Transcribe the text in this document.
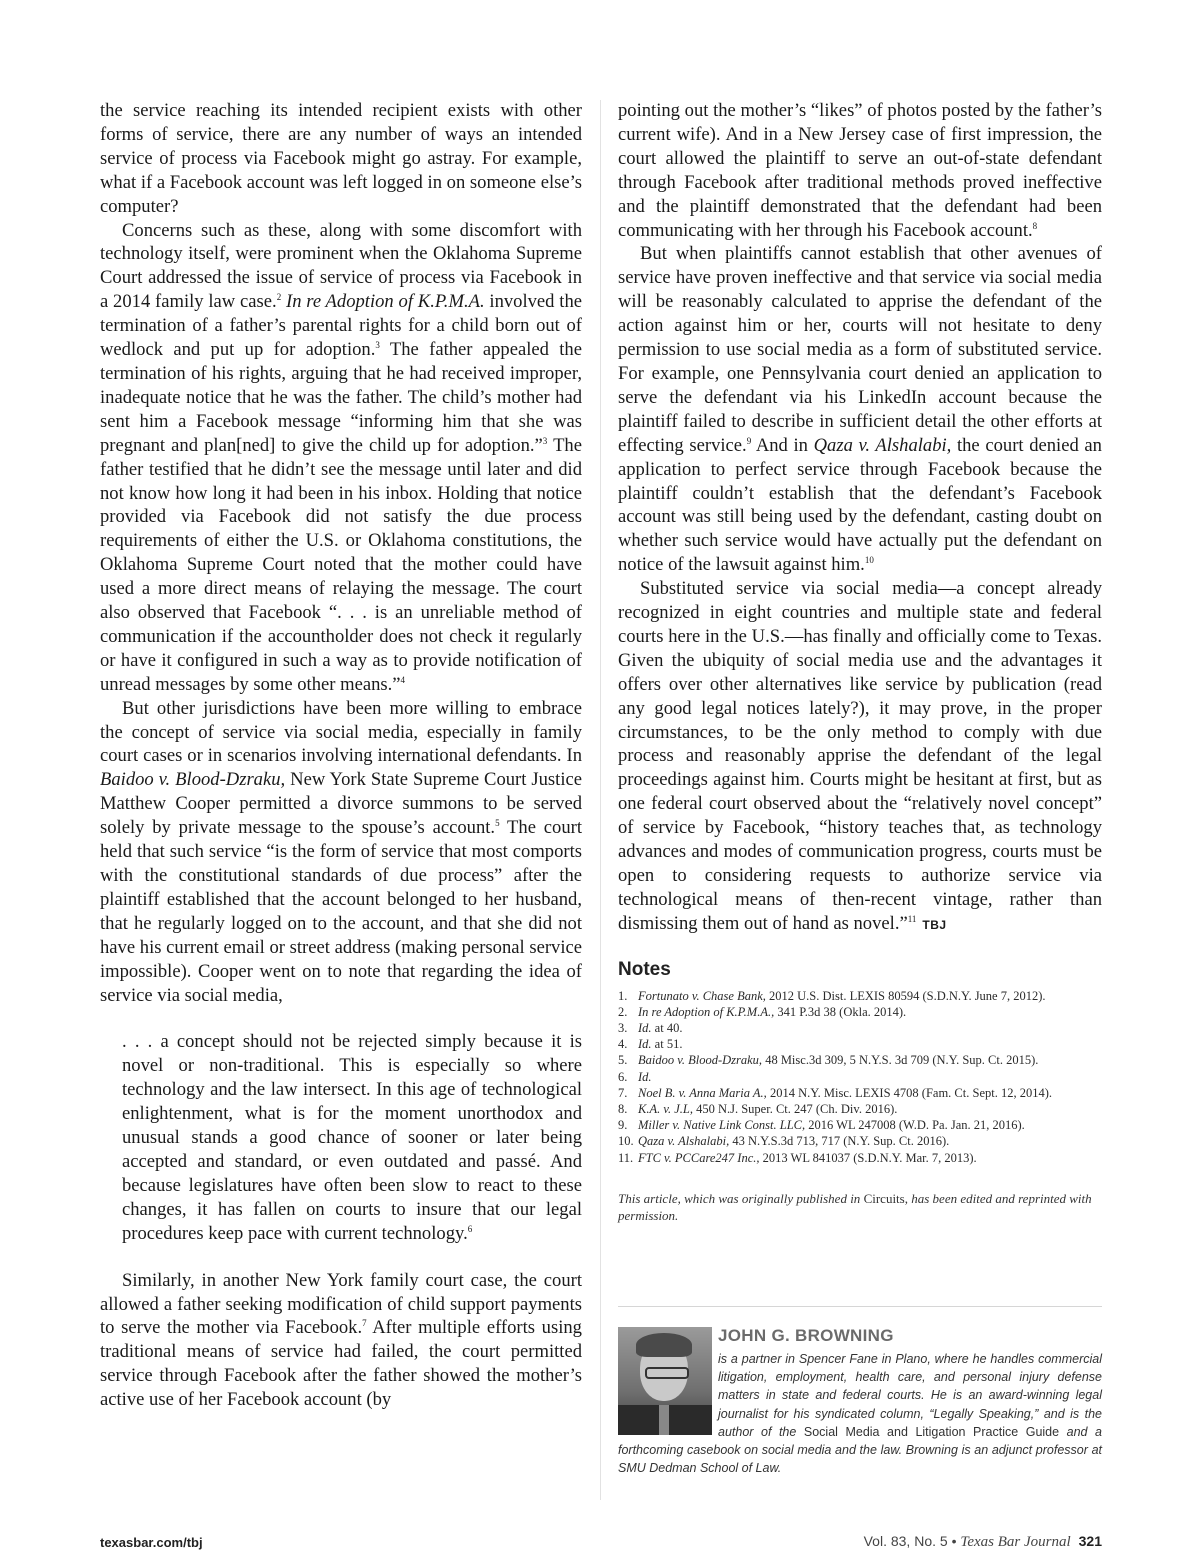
the service reaching its intended recipient exists with other forms of service, there are any number of ways an intended service of process via Facebook might go astray. For example, what if a Facebook account was left logged in on someone else’s computer?

Concerns such as these, along with some discomfort with technology itself, were prominent when the Oklahoma Supreme Court addressed the issue of service of process via Facebook in a 2014 family law case.$^2$ In re Adoption of K.P.M.A. involved the termination of a father’s parental rights for a child born out of wedlock and put up for adoption.$^3$ The father appealed the termination of his rights, arguing that he had received improper, inadequate notice that he was the father. The child’s mother had sent him a Facebook message “informing him that she was pregnant and plan[ned] to give the child up for adoption.”$^3$ The father testified that he didn’t see the message until later and did not know how long it had been in his inbox. Holding that notice provided via Facebook did not satisfy the due process requirements of either the U.S. or Oklahoma constitutions, the Oklahoma Supreme Court noted that the mother could have used a more direct means of relaying the message. The court also observed that Facebook “. . . is an unreliable method of communication if the accountholder does not check it regularly or have it configured in such a way as to provide notification of unread messages by some other means.”$^4$

But other jurisdictions have been more willing to embrace the concept of service via social media, especially in family court cases or in scenarios involving international defendants. In Baidoo v. Blood-Dzraku, New York State Supreme Court Justice Matthew Cooper permitted a divorce summons to be served solely by private message to the spouse’s account.$^5$ The court held that such service “is the form of service that most comports with the constitutional standards of due process” after the plaintiff established that the account belonged to her husband, that he regularly logged on to the account, and that she did not have his current email or street address (making personal service impossible). Cooper went on to note that regarding the idea of service via social media,

. . . a concept should not be rejected simply because it is novel or non-traditional. This is especially so where technology and the law intersect. In this age of technological enlightenment, what is for the moment unorthodox and unusual stands a good chance of sooner or later being accepted and standard, or even outdated and passé. And because legislatures have often been slow to react to these changes, it has fallen on courts to insure that our legal procedures keep pace with current technology.$^6$

Similarly, in another New York family court case, the court allowed a father seeking modification of child support payments to serve the mother via Facebook.$^7$ After multiple efforts using traditional means of service had failed, the court permitted service through Facebook after the father showed the mother’s active use of her Facebook account (by

pointing out the mother’s “likes” of photos posted by the father’s current wife). And in a New Jersey case of first impression, the court allowed the plaintiff to serve an out-of-state defendant through Facebook after traditional methods proved ineffective and the plaintiff demonstrated that the defendant had been communicating with her through his Facebook account.$^8$

But when plaintiffs cannot establish that other avenues of service have proven ineffective and that service via social media will be reasonably calculated to apprise the defendant of the action against him or her, courts will not hesitate to deny permission to use social media as a form of substituted service. For example, one Pennsylvania court denied an application to serve the defendant via his LinkedIn account because the plaintiff failed to describe in sufficient detail the other efforts at effecting service.$^9$ And in Qaza v. Alshalabi, the court denied an application to perfect service through Facebook because the plaintiff couldn’t establish that the defendant’s Facebook account was still being used by the defendant, casting doubt on whether such service would have actually put the defendant on notice of the lawsuit against him.$^{10}$

Substituted service via social media—a concept already recognized in eight countries and multiple state and federal courts here in the U.S.—has finally and officially come to Texas. Given the ubiquity of social media use and the advantages it offers over other alternatives like service by publication (read any good legal notices lately?), it may prove, in the proper circumstances, to be the only method to comply with due process and reasonably apprise the defendant of the legal proceedings against him. Courts might be hesitant at first, but as one federal court observed about the “relatively novel concept” of service by Facebook, “history teaches that, as technology advances and modes of communication progress, courts must be open to considering requests to authorize service via technological means of then-recent vintage, rather than dismissing them out of hand as novel.”$^{11}$ TBJ

Notes
1. Fortunato v. Chase Bank, 2012 U.S. Dist. LEXIS 80594 (S.D.N.Y. June 7, 2012).
2. In re Adoption of K.P.M.A., 341 P.3d 38 (Okla. 2014).
3. Id. at 40.
4. Id. at 51.
5. Baidoo v. Blood-Dzraku, 48 Misc.3d 309, 5 N.Y.S. 3d 709 (N.Y. Sup. Ct. 2015).
6. Id.
7. Noel B. v. Anna Maria A., 2014 N.Y. Misc. LEXIS 4708 (Fam. Ct. Sept. 12, 2014).
8. K.A. v. J.L, 450 N.J. Super. Ct. 247 (Ch. Div. 2016).
9. Miller v. Native Link Const. LLC, 2016 WL 247008 (W.D. Pa. Jan. 21, 2016).
10. Qaza v. Alshalabi, 43 N.Y.S.3d 713, 717 (N.Y. Sup. Ct. 2016).
11. FTC v. PCCare247 Inc., 2013 WL 841037 (S.D.N.Y. Mar. 7, 2013).
This article, which was originally published in Circuits, has been edited and reprinted with permission.
is a partner in Spencer Fane in Plano, where he handles commercial litigation, employment, health care, and personal injury defense matters in state and federal courts. He is an award-winning legal journalist for his syndicated column, “Legally Speaking,” and is the author of the Social Media and Litigation Practice Guide and a forthcoming casebook on social media and the law. Browning is an adjunct professor at SMU Dedman School of Law.
JOHN G. BROWNING
texasbar.com/tbj	Vol. 83, No. 5 • Texas Bar Journal 321
